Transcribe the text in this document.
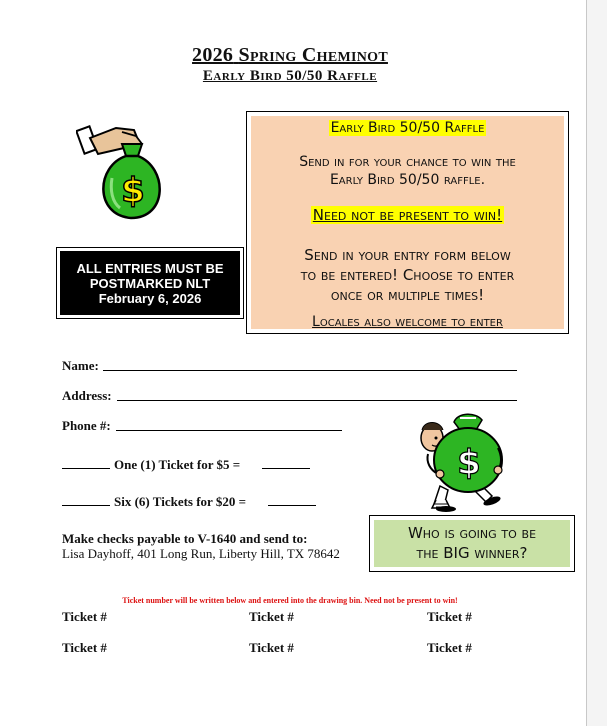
2026 Spring Cheminot
Early Bird 50/50 Raffle
$
ALL ENTRIES MUST BE
POSTMARKED NLT
February 6, 2026
Early Bird 50/50 Raffle
Send in for your chance to win the
Early Bird 50/50 raffle.
Need not be present to win!
Send in your entry form below
to be entered! Choose to enter
once or multiple times!
Locales also welcome to enter
Name:
Address:
Phone #:
One (1) Ticket for $5 =
Six (6) Tickets for $20 =
$
Make checks payable to V-1640 and send to:
Lisa Dayhoff, 401 Long Run, Liberty Hill, TX 78642
Who is going to be
the BIG winner?
Ticket number will be written below and entered into the drawing bin. Need not be present to win!
Ticket #	Ticket #	Ticket #
Ticket #	Ticket #	Ticket #
